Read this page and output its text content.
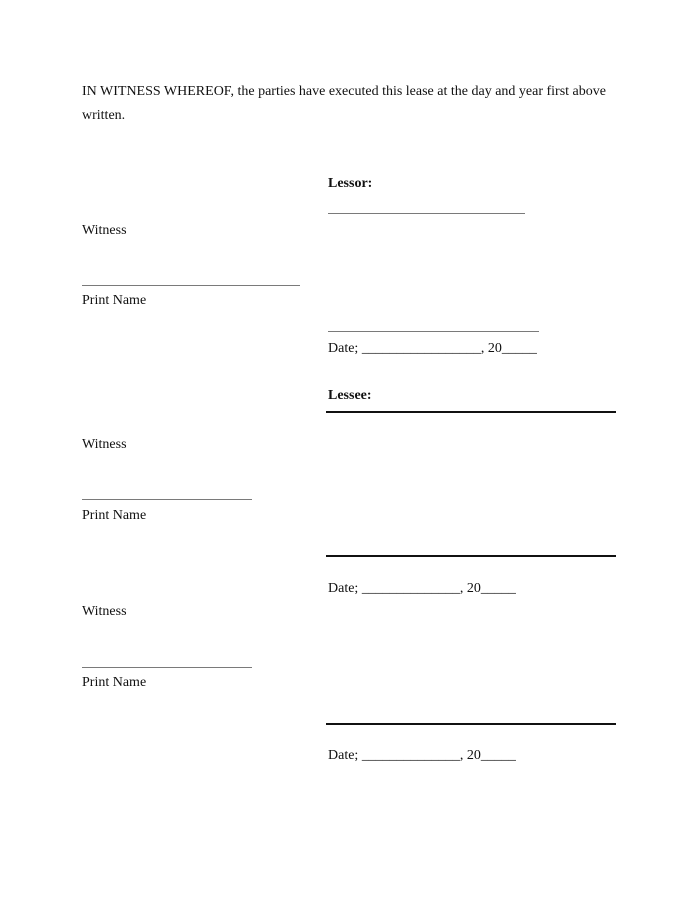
IN WITNESS WHEREOF, the parties have executed this lease at the day and year first above written.
Lessor:
Witness
Print Name
Date; _________________, 20_____
Lessee:
Witness
Print Name
Date; ______________, 20_____
Witness
Print Name
Date; ______________, 20_____
